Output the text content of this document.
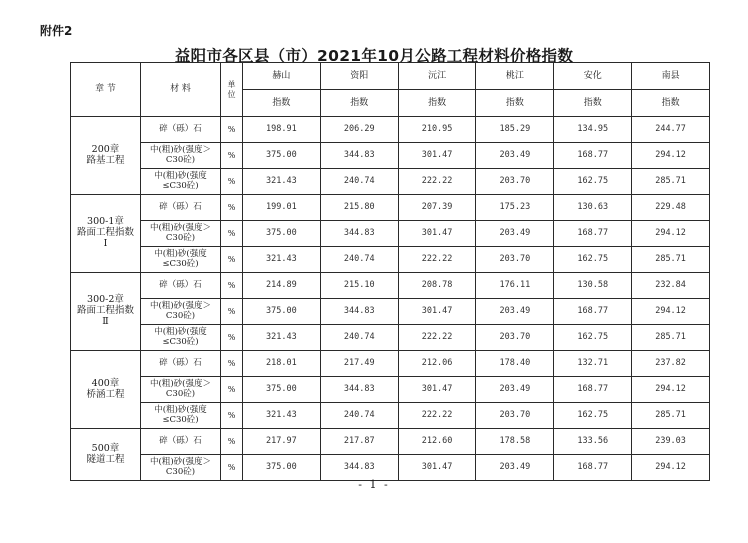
附件2
益阳市各区县（市）2021年10月公路工程材料价格指数
章 节	材 料	单 位	赫山	资阳	沅江	桃江	安化	南县
			指数	指数	指数	指数	指数	指数
200章
路基工程	碎（砾）石	%	198.91	206.29	210.95	185.29	134.95	244.77
	中(粗)砂(强度＞C30砼)	%	375.00	344.83	301.47	203.49	168.77	294.12
	中(粗)砂(强度≤C30砼)	%	321.43	240.74	222.22	203.70	162.75	285.71
300-1章
路面工程指数
Ⅰ	碎（砾）石	%	199.01	215.80	207.39	175.23	130.63	229.48
	中(粗)砂(强度＞C30砼)	%	375.00	344.83	301.47	203.49	168.77	294.12
	中(粗)砂(强度≤C30砼)	%	321.43	240.74	222.22	203.70	162.75	285.71
300-2章
路面工程指数
Ⅱ	碎（砾）石	%	214.89	215.10	208.78	176.11	130.58	232.84
	中(粗)砂(强度＞C30砼)	%	375.00	344.83	301.47	203.49	168.77	294.12
	中(粗)砂(强度≤C30砼)	%	321.43	240.74	222.22	203.70	162.75	285.71
400章
桥涵工程	碎（砾）石	%	218.01	217.49	212.06	178.40	132.71	237.82
	中(粗)砂(强度＞C30砼)	%	375.00	344.83	301.47	203.49	168.77	294.12
	中(粗)砂(强度≤C30砼)	%	321.43	240.74	222.22	203.70	162.75	285.71
500章
隧道工程	碎（砾）石	%	217.97	217.87	212.60	178.58	133.56	239.03
	中(粗)砂(强度＞C30砼)	%	375.00	344.83	301.47	203.49	168.77	294.12
- 1 -
